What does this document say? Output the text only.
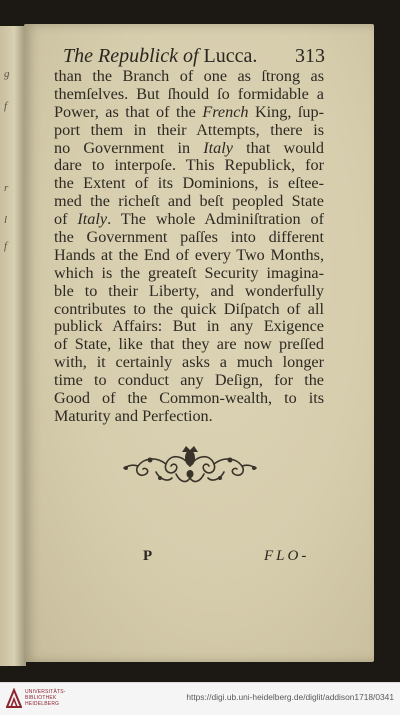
g
f
r
l
f
The Republick of Lucca. 313

than the Branch of one as ſtrong as
themſelves. But ſhould ſo formidable a
Power, as that of the French King, ſup-
port them in their Attempts, there is
no Government in Italy that would
dare to interpoſe. This Republick, for
the Extent of its Dominions, is eſtee-
med the richeſt and beſt peopled State
of Italy. The whole Adminiſtration of
the Government paſſes into different
Hands at the End of every Two Months,
which is the greateſt Security imagina-
ble to their Liberty, and wonderfully
contributes to the quick Diſpatch of all
publick Affairs: But in any Exigence
of State, like that they are now preſſed
with, it certainly asks a much longer
time to conduct any Deſign, for the
Good of the Common-wealth, to its
Maturity and Perfection.

P	FLO-
UNIVERSITÄTS-
BIBLIOTHEK
HEIDELBERG
https://digi.ub.uni-heidelberg.de/diglit/addison1718/0341
